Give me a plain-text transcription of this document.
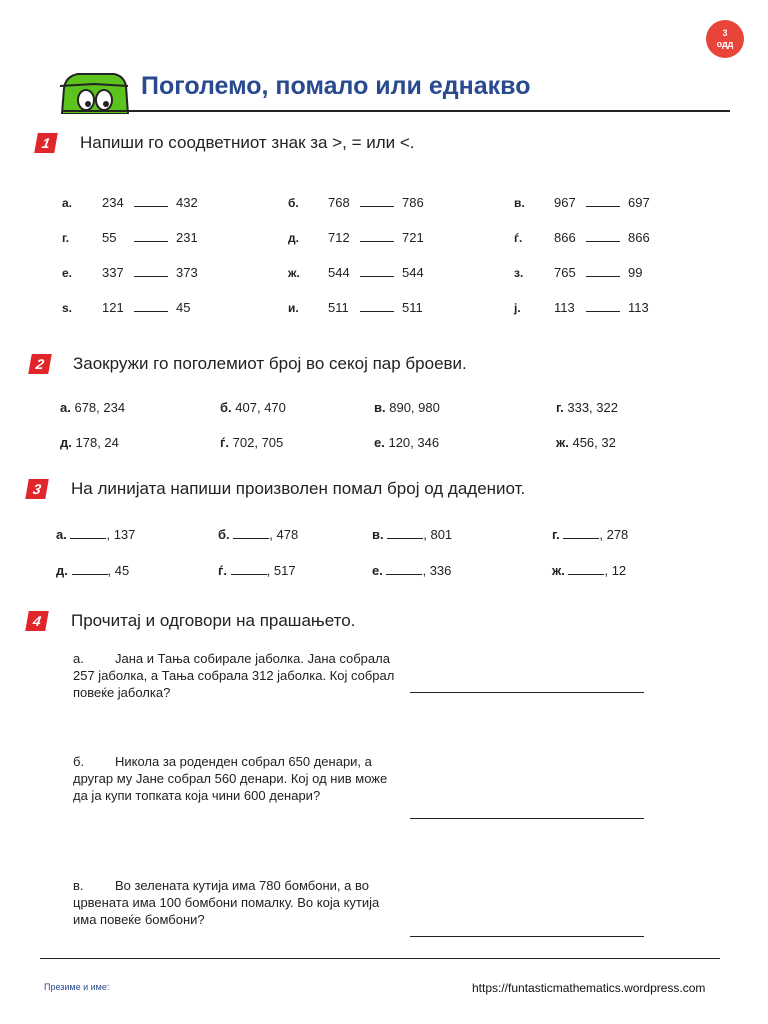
3
одд
Поголемо, помало или еднакво
1	Напиши го соодветниот знак за >, = или <.
а. 234	432	б. 768	786	в. 967	697
г.	55	231	д. 712	721	ѓ. 866	866
е. 337	373	ж. 544	544	з. 765	99
ѕ. 121	45	и. 511	511	ј.	113	113
2	Заокружи го поголемиот број во секој пар броеви.
а. 678, 234	б. 407, 470	в. 890, 980	г. 333, 322
д. 178, 24	ѓ. 702, 705	е. 120, 346	ж. 456, 32
3	На линијата напиши произволен помал број од дадениот.
а.	, 137	б.	, 478	в.	, 801	г.	, 278
д.	, 45	ѓ.	, 517	е.	, 336	ж.	, 12
4	Прочитај и одговори на прашањето.
а. Јана и Тања собирале јаболка. Јана собрала 257 јаболка, а Тања собрала 312 јаболка. Кој собрал повеќе јаболка?
б. Никола за роденден собрал 650 денари, а другар му Јане собрал 560 денари. Кој од нив може да ја купи топката која чини 600 денари?
в. Во зелената кутија има 780 бомбони, а во црвената има 100 бомбони помалку. Во која кутија има повеќе бомбони?
Презиме и име:	https://funtasticmathematics.wordpress.com
